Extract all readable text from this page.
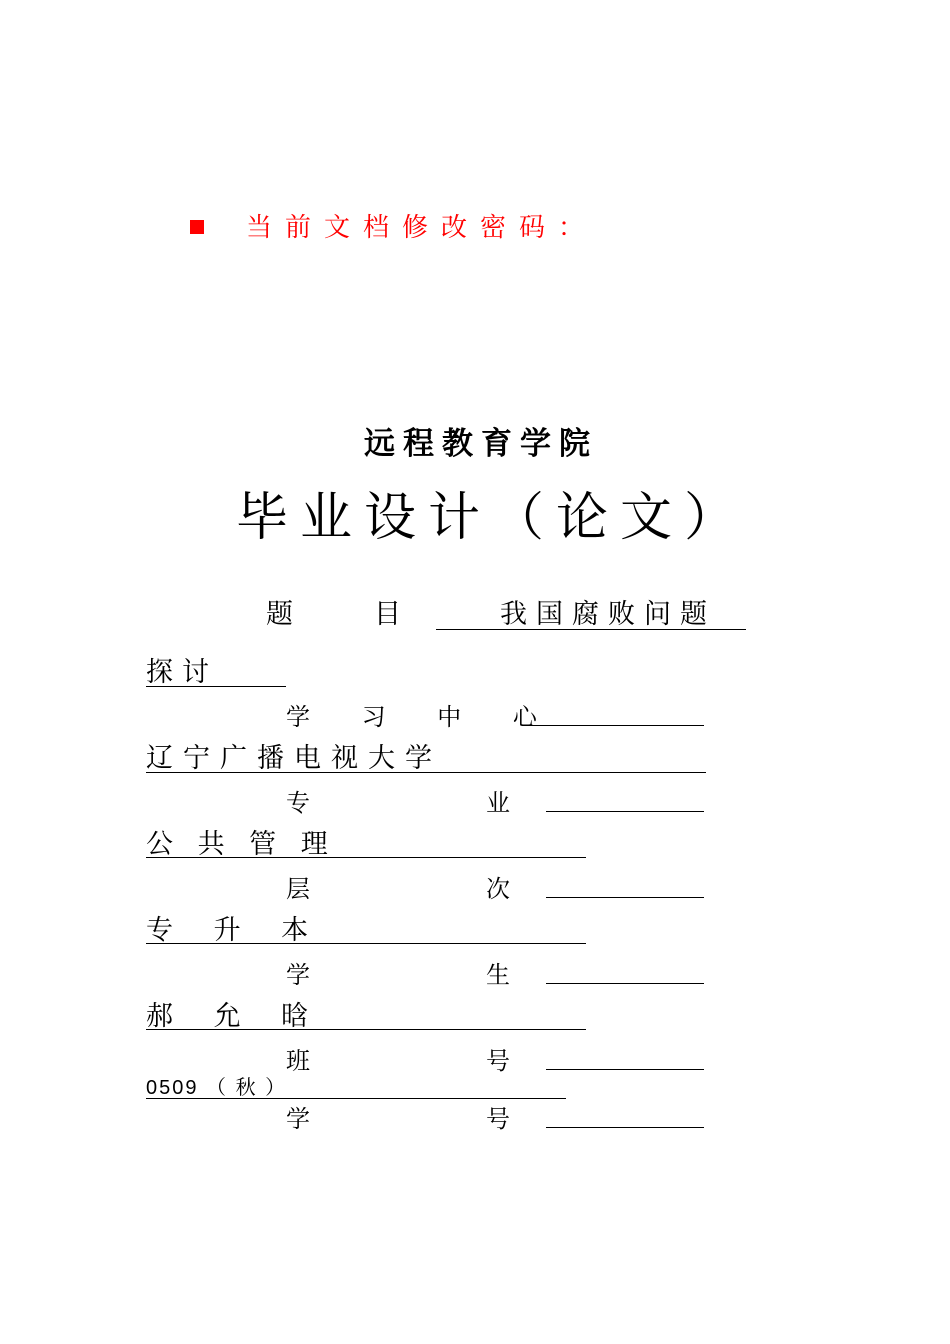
当前文档修改密码：
远程教育学院
毕业设计（论文）
题	目	我国腐败问题
探讨
学 习 中 心
辽宁广播电视大学
专	业
公 共 管 理
层	次
专 升 本
学	生
郝 允 晗
班	号
0509 （ 秋 ）
学	号
